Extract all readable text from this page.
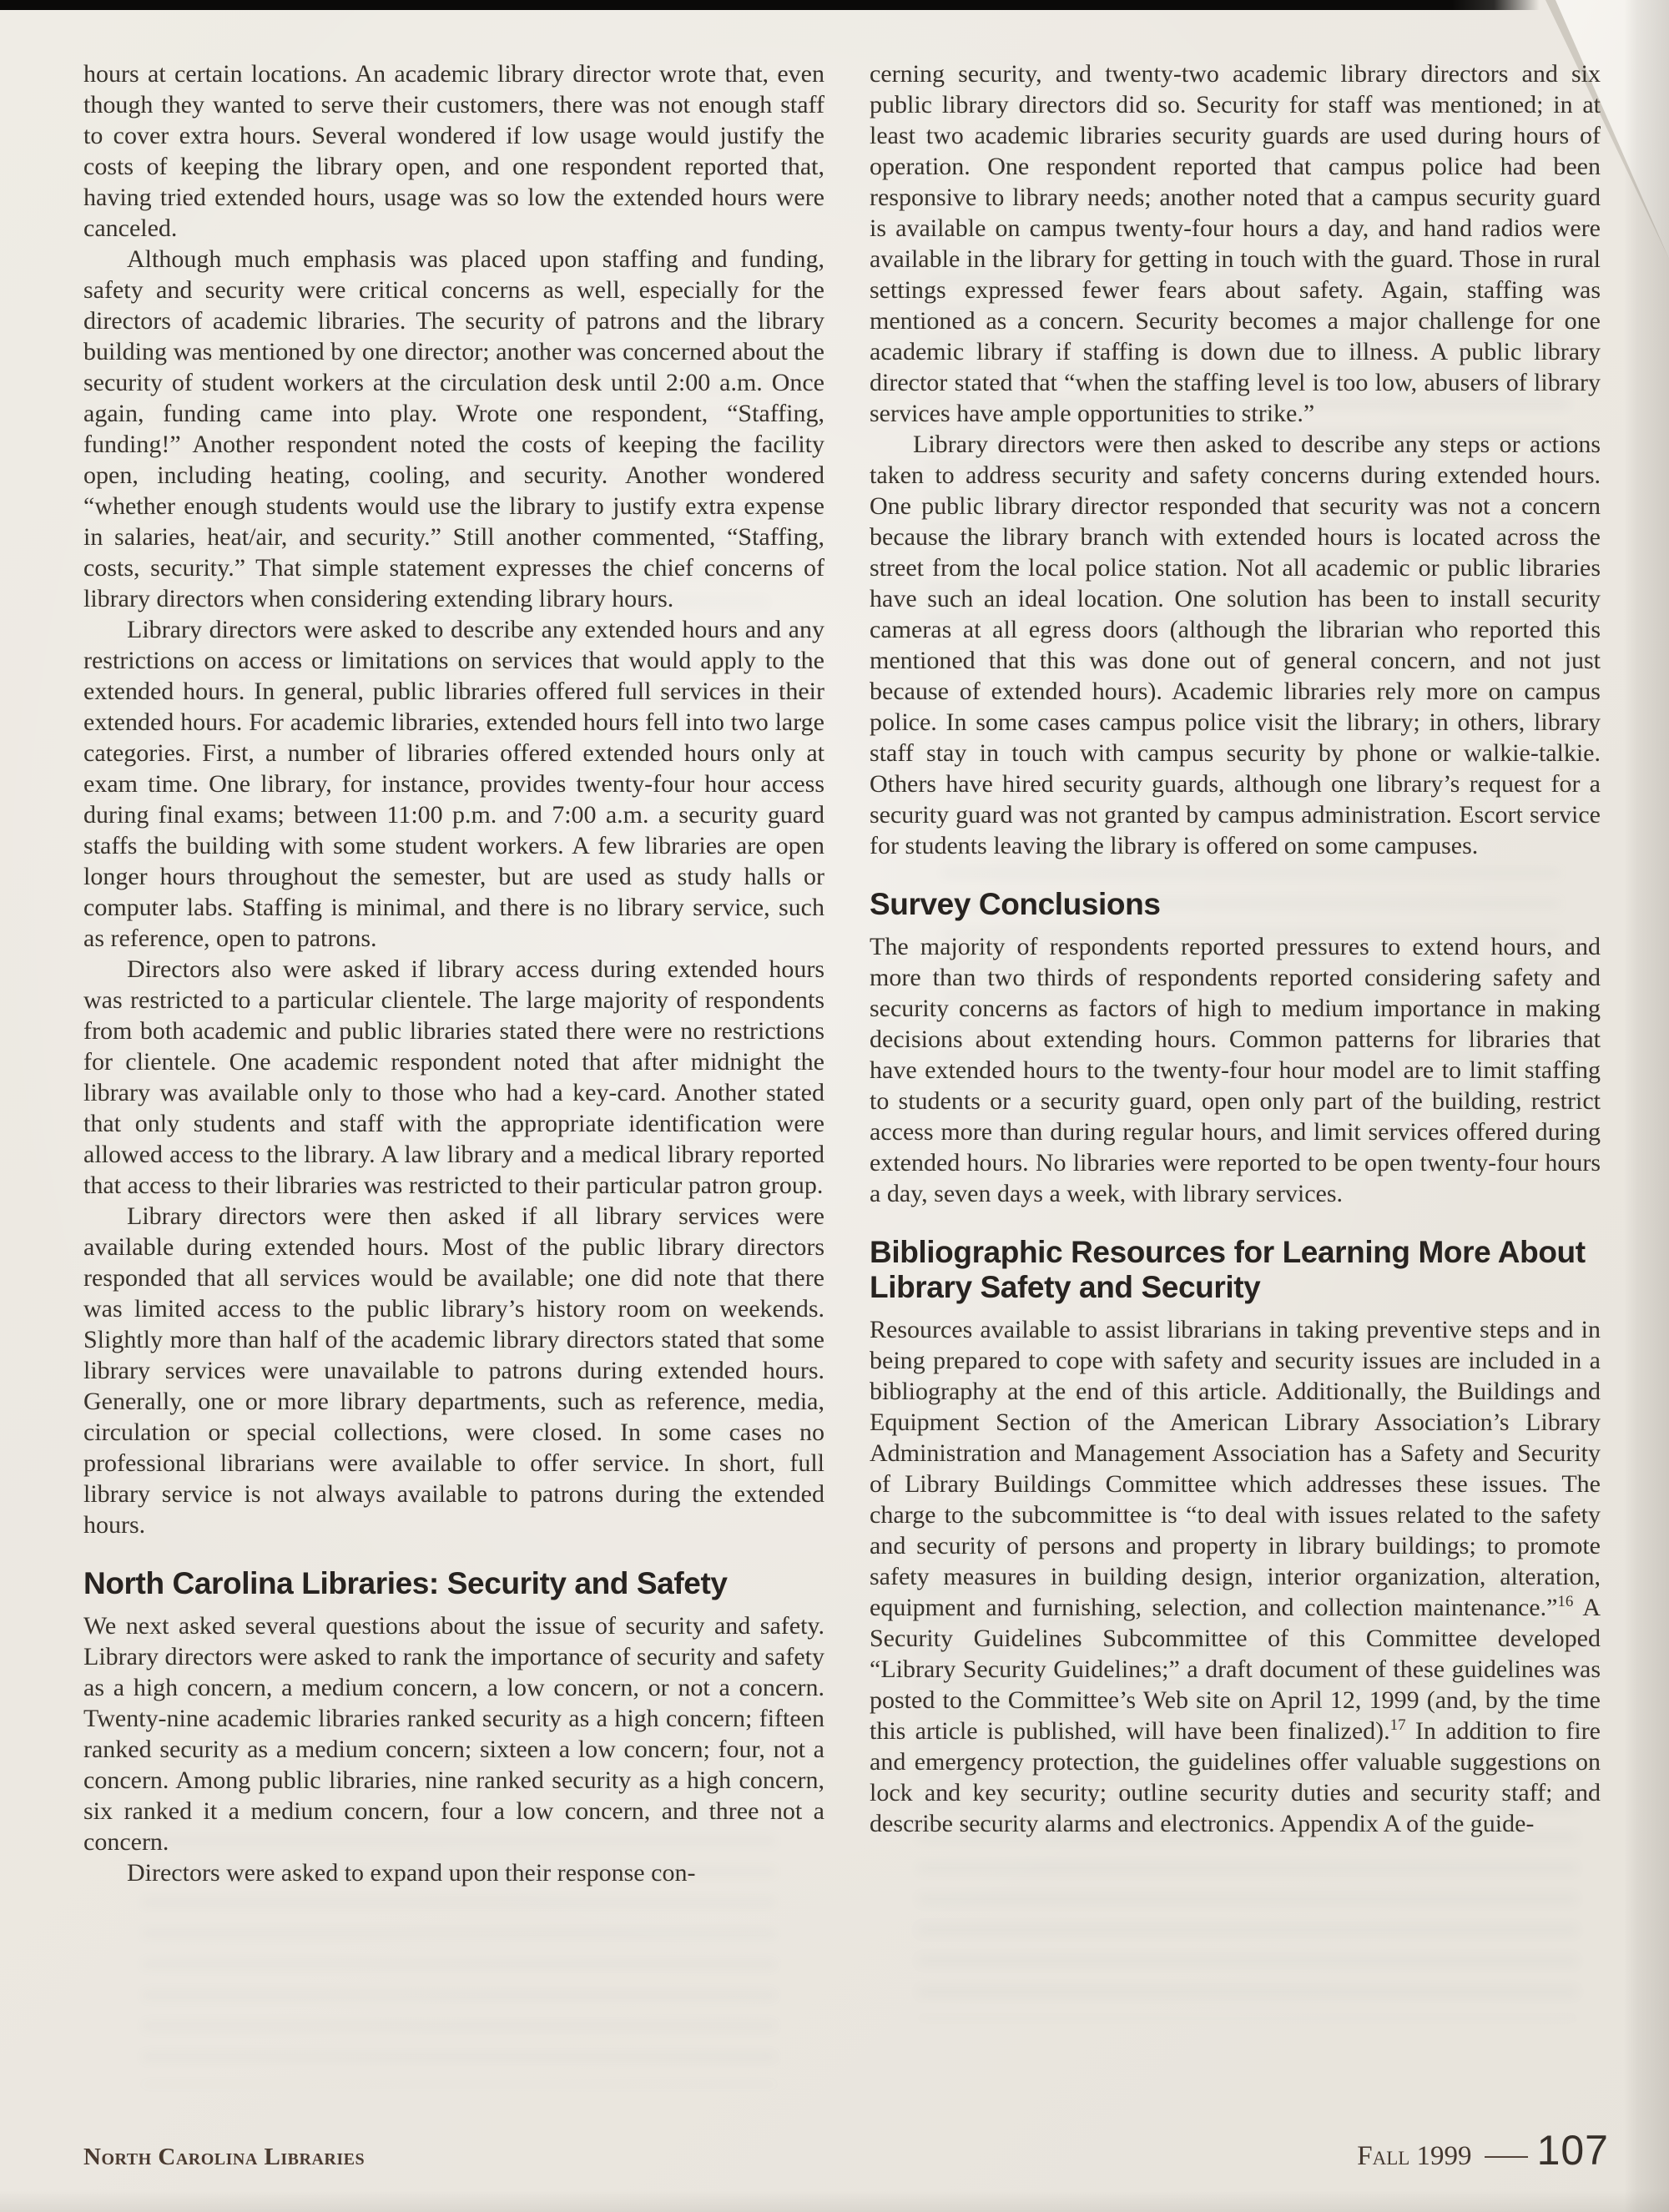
hours at certain locations. An academic library director wrote that, even though they wanted to serve their customers, there was not enough staff to cover extra hours. Several wondered if low usage would justify the costs of keeping the library open, and one respondent reported that, having tried extended hours, usage was so low the extended hours were canceled.

Although much emphasis was placed upon staffing and funding, safety and security were critical concerns as well, especially for the directors of academic libraries. The security of patrons and the library building was mentioned by one director; another was concerned about the security of student workers at the circulation desk until 2:00 a.m. Once again, funding came into play. Wrote one respondent, “Staffing, funding!” Another respondent noted the costs of keeping the facility open, including heating, cooling, and security. Another wondered “whether enough students would use the library to justify extra expense in salaries, heat/air, and security.” Still another commented, “Staffing, costs, security.” That simple statement expresses the chief concerns of library directors when considering extending library hours.

Library directors were asked to describe any extended hours and any restrictions on access or limitations on services that would apply to the extended hours. In general, public libraries offered full services in their extended hours. For academic libraries, extended hours fell into two large categories. First, a number of libraries offered extended hours only at exam time. One library, for instance, provides twenty-four hour access during final exams; between 11:00 p.m. and 7:00 a.m. a security guard staffs the building with some student workers. A few libraries are open longer hours throughout the semester, but are used as study halls or computer labs. Staffing is minimal, and there is no library service, such as reference, open to patrons.

Directors also were asked if library access during extended hours was restricted to a particular clientele. The large majority of respondents from both academic and public libraries stated there were no restrictions for clientele. One academic respondent noted that after midnight the library was available only to those who had a key-card. Another stated that only students and staff with the appropriate identification were allowed access to the library. A law library and a medical library reported that access to their libraries was restricted to their particular patron group.

Library directors were then asked if all library services were available during extended hours. Most of the public library directors responded that all services would be available; one did note that there was limited access to the public library’s history room on weekends. Slightly more than half of the academic library directors stated that some library services were unavailable to patrons during extended hours. Generally, one or more library departments, such as reference, media, circulation or special collections, were closed. In some cases no professional librarians were available to offer service. In short, full library service is not always available to patrons during the extended hours.

North Carolina Libraries: Security and Safety

We next asked several questions about the issue of security and safety. Library directors were asked to rank the importance of security and safety as a high concern, a medium concern, a low concern, or not a concern. Twenty-nine academic libraries ranked security as a high concern; fifteen ranked security as a medium concern; sixteen a low concern; four, not a concern. Among public libraries, nine ranked security as a high concern, six ranked it a medium concern, four a low concern, and three not a concern.

Directors were asked to expand upon their response con-

cerning security, and twenty-two academic library directors and six public library directors did so. Security for staff was mentioned; in at least two academic libraries security guards are used during hours of operation. One respondent reported that campus police had been responsive to library needs; another noted that a campus security guard is available on campus twenty-four hours a day, and hand radios were available in the library for getting in touch with the guard. Those in rural settings expressed fewer fears about safety. Again, staffing was mentioned as a concern. Security becomes a major challenge for one academic library if staffing is down due to illness. A public library director stated that “when the staffing level is too low, abusers of library services have ample opportunities to strike.”

Library directors were then asked to describe any steps or actions taken to address security and safety concerns during extended hours. One public library director responded that security was not a concern because the library branch with extended hours is located across the street from the local police station. Not all academic or public libraries have such an ideal location. One solution has been to install security cameras at all egress doors (although the librarian who reported this mentioned that this was done out of general concern, and not just because of extended hours). Academic libraries rely more on campus police. In some cases campus police visit the library; in others, library staff stay in touch with campus security by phone or walkie-talkie. Others have hired security guards, although one library’s request for a security guard was not granted by campus administration. Escort service for students leaving the library is offered on some campuses.

Survey Conclusions

The majority of respondents reported pressures to extend hours, and more than two thirds of respondents reported considering safety and security concerns as factors of high to medium importance in making decisions about extending hours. Common patterns for libraries that have extended hours to the twenty-four hour model are to limit staffing to students or a security guard, open only part of the building, restrict access more than during regular hours, and limit services offered during extended hours. No libraries were reported to be open twenty-four hours a day, seven days a week, with library services.

Bibliographic Resources for Learning More About Library Safety and Security

Resources available to assist librarians in taking preventive steps and in being prepared to cope with safety and security issues are included in a bibliography at the end of this article. Additionally, the Buildings and Equipment Section of the American Library Association’s Library Administration and Management Association has a Safety and Security of Library Buildings Committee which addresses these issues. The charge to the subcommittee is “to deal with issues related to the safety and security of persons and property in library buildings; to promote safety measures in building design, interior organization, alteration, equipment and furnishing, selection, and collection maintenance.”$^{16}$ A Security Guidelines Subcommittee of this Committee developed “Library Security Guidelines;” a draft document of these guidelines was posted to the Committee’s Web site on April 12, 1999 (and, by the time this article is published, will have been finalized).$^{17}$ In addition to fire and emergency protection, the guidelines offer valuable suggestions on lock and key security; outline security duties and security staff; and describe security alarms and electronics. Appendix A of the guide-

North Carolina Libraries	Fall 1999 — 107
